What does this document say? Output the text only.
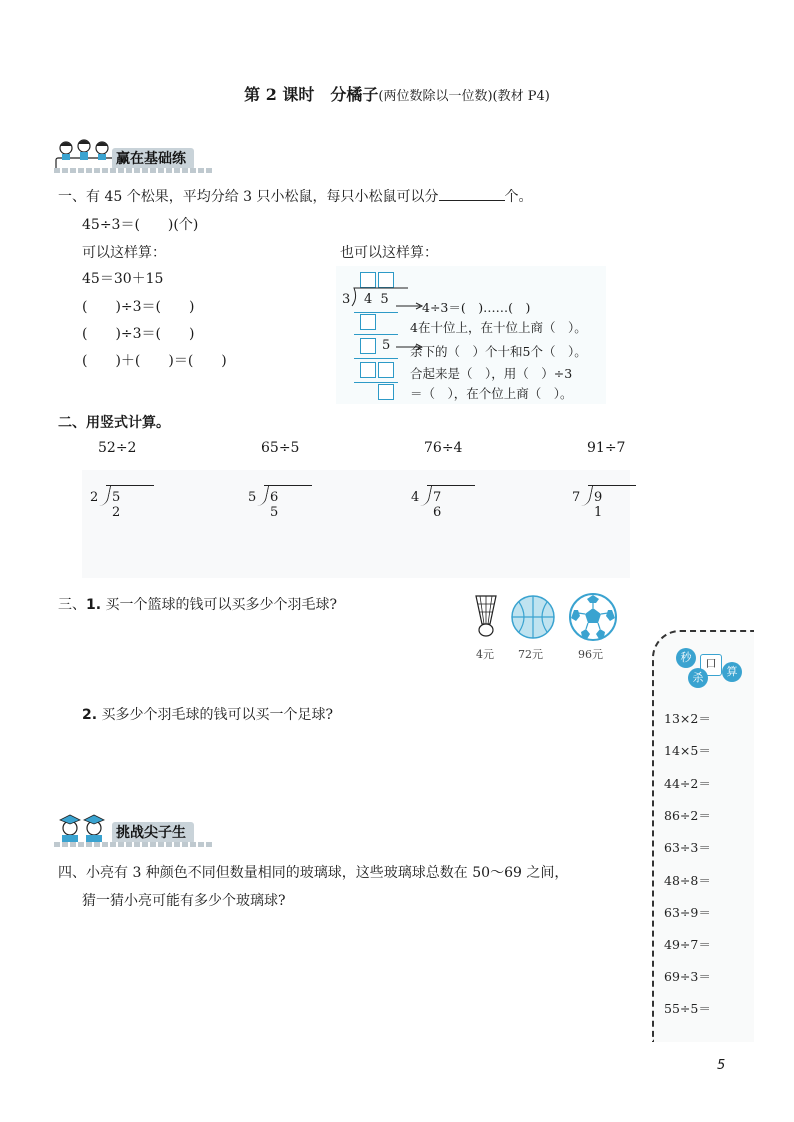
第 2 课时　分橘子(两位数除以一位数)(教材 P4)
赢在基础练
一、有 45 个松果，平均分给 3 只小松鼠，每只小松鼠可以分	个。
45÷3＝(　　)(个)
可以这样算：
45＝30＋15
(　　)÷3＝(　　)
(　　)÷3＝(　　)
(　　)＋(　　)＝(　　)
也可以这样算：
3 4 5
5
4÷3＝(　)……(　)
4在十位上，在十位上商（　）。
余下的（　）个十和5个（　）。
合起来是（　），用（　）÷3
＝（　），在个位上商（　）。
二、用竖式计算。
52÷2	65÷5	76÷4	91÷7
2 5 2
5 6 5
4 7 6
7 9 1
三、1. 买一个篮球的钱可以买多少个羽毛球?
4元 72元	96元
2. 买多少个羽毛球的钱可以买一个足球?
挑战尖子生
四、小亮有 3 种颜色不同但数量相同的玻璃球，这些玻璃球总数在 50～69 之间，
猜一猜小亮可能有多少个玻璃球?
秒	口
杀	算
13×2＝
14×5＝
44÷2＝
86÷2＝
63÷3＝
48÷8＝
63÷9＝
49÷7＝
69÷3＝
55÷5＝
5
